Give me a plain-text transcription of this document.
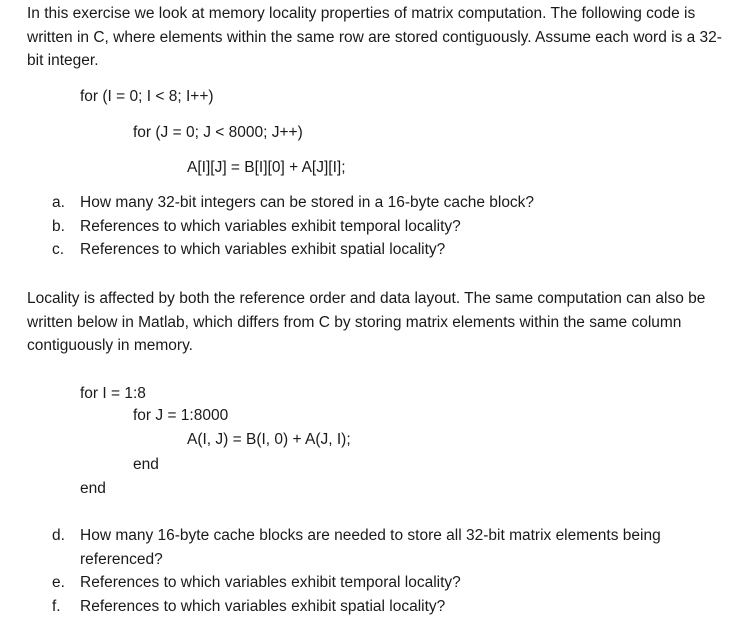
In this exercise we look at memory locality properties of matrix computation. The following code is written in C, where elements within the same row are stored contiguously. Assume each word is a 32-bit integer.

for (I = 0; I < 8; I++)
for (J = 0; J < 8000; J++)
A[I][J] = B[I][0] + A[J][I];
a. How many 32-bit integers can be stored in a 16-byte cache block?
b. References to which variables exhibit temporal locality?
c.	References to which variables exhibit spatial locality?

Locality is affected by both the reference order and data layout. The same computation can also be written below in Matlab, which differs from C by storing matrix elements within the same column contiguously in memory.

for I = 1:8
for J = 1:8000
A(I, J) = B(I, 0) + A(J, I);
end
end
d. How many 16-byte cache blocks are needed to store all 32-bit matrix elements being referenced?
e. References to which variables exhibit temporal locality?
f.	References to which variables exhibit spatial locality?
